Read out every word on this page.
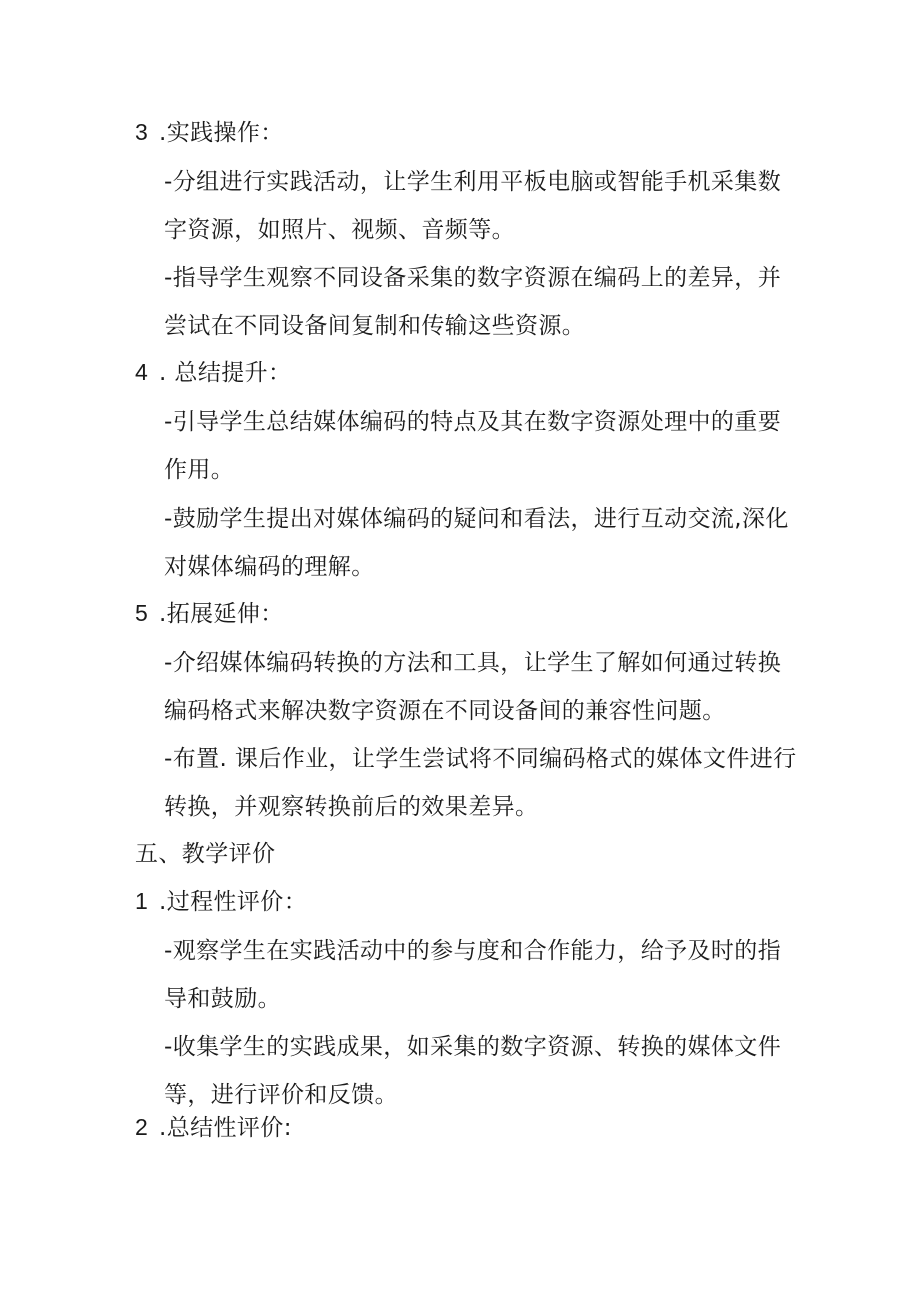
3 .实践操作：
-分组进行实践活动，让学生利用平板电脑或智能手机采集数字资源，如照片、视频、音频等。
-指导学生观察不同设备采集的数字资源在编码上的差异，并尝试在不同设备间复制和传输这些资源。
4 . 总结提升：
-引导学生总结媒体编码的特点及其在数字资源处理中的重要作用。
-鼓励学生提出对媒体编码的疑问和看法，进行互动交流,深化对媒体编码的理解。
5 .拓展延伸：
-介绍媒体编码转换的方法和工具，让学生了解如何通过转换编码格式来解决数字资源在不同设备间的兼容性问题。
-布置. 课后作业，让学生尝试将不同编码格式的媒体文件进行转换，并观察转换前后的效果差异。
五、教学评价
1 .过程性评价：
-观察学生在实践活动中的参与度和合作能力，给予及时的指导和鼓励。
-收集学生的实践成果，如采集的数字资源、转换的媒体文件等，进行评价和反馈。
2 .总结性评价:
